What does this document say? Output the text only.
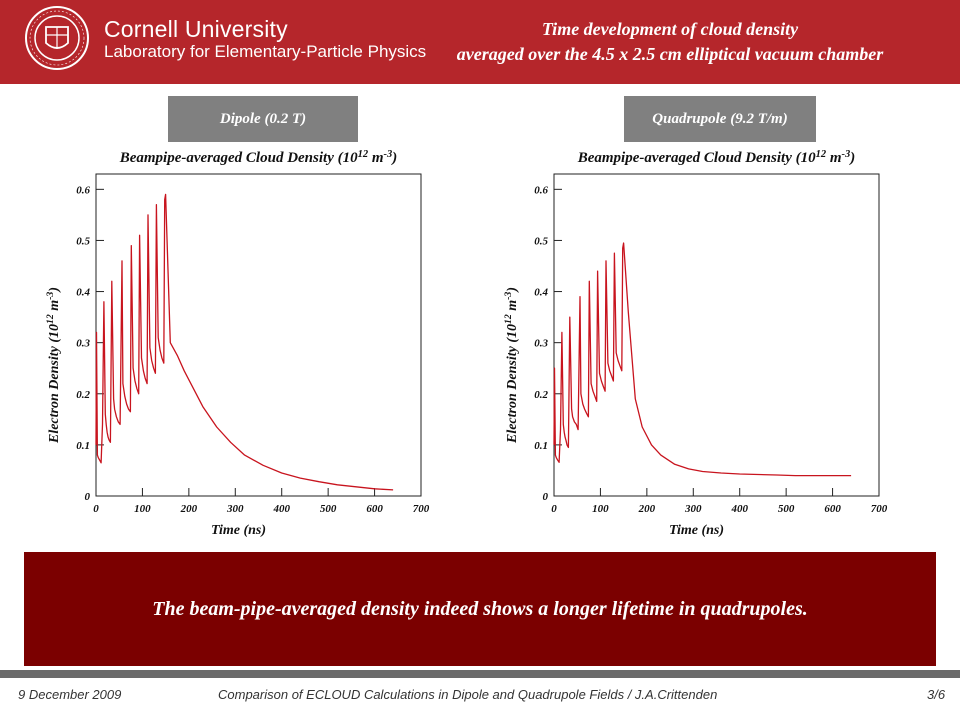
Cornell University
Laboratory for Elementary-Particle Physics
Time development of cloud density
averaged over the 4.5 x 2.5 cm elliptical vacuum chamber
Dipole (0.2 T)	Quadrupole (9.2 T/m)
Beampipe-averaged Cloud Density ($10^{12}$ $m^{-3}$)
0	100	200	300	400	500	600	700
0
0.1
0.2
0.3
0.4
0.5
0.6
Time (ns)
Electron Density ($10^{12}$ $m^{-3}$)
Beampipe-averaged Cloud Density ($10^{12}$ $m^{-3}$)
0	100	200	300	400	500	600	700
0
0.1
0.2
0.3
0.4
0.5
0.6
Time (ns)
Electron Density ($10^{12}$ $m^{-3}$)
The beam-pipe-averaged density indeed shows a longer lifetime in quadrupoles.
9 December 2009	Comparison of ECLOUD Calculations in Dipole and Quadrupole Fields / J.A.Crittenden	3/6
